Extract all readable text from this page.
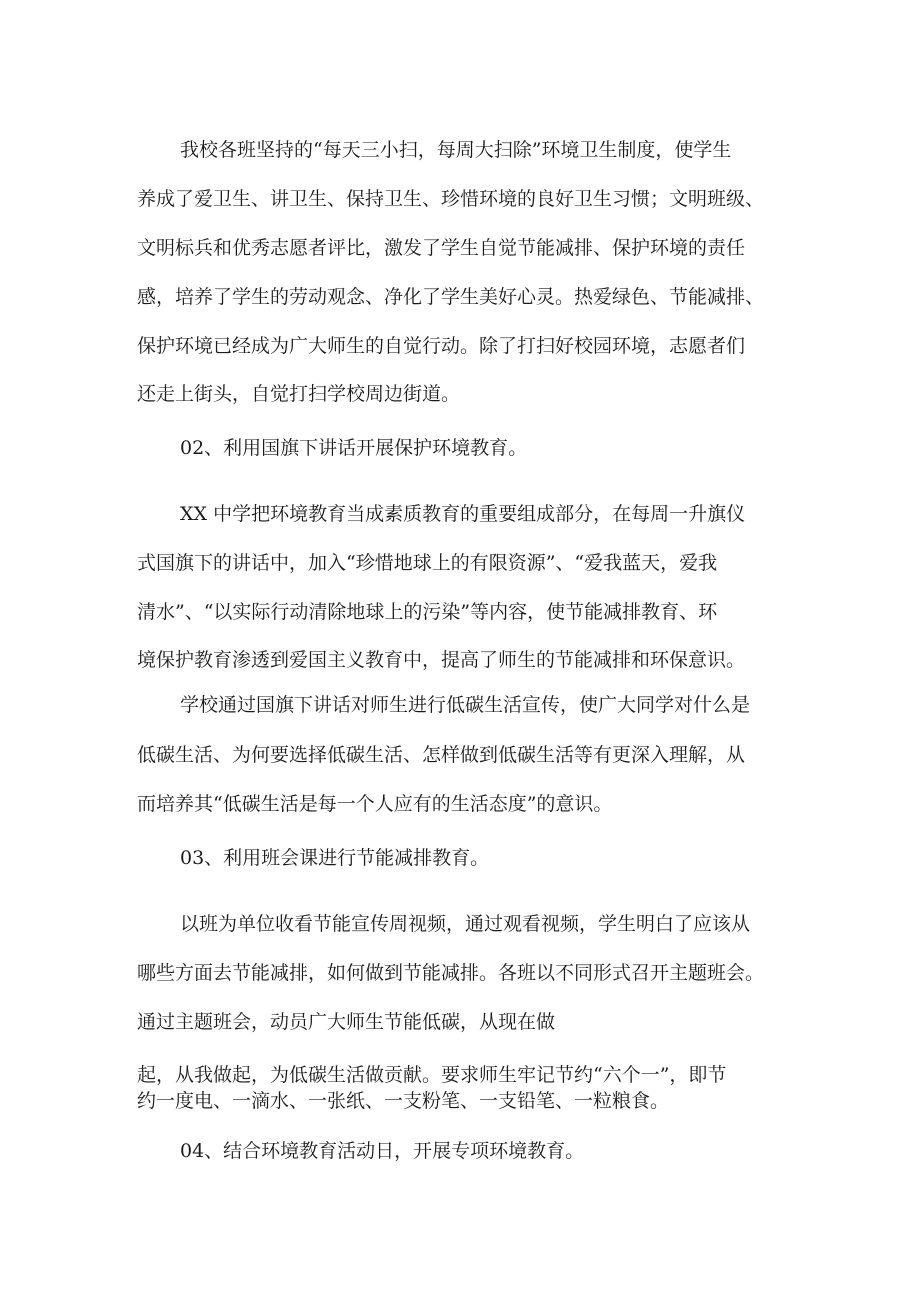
我校各班坚持的“每天三小扫，每周大扫除”环境卫生制度，使学生
养成了爱卫生、讲卫生、保持卫生、珍惜环境的良好卫生习惯；文明班级、
文明标兵和优秀志愿者评比，激发了学生自觉节能减排、保护环境的责任
感，培养了学生的劳动观念、净化了学生美好心灵。热爱绿色、节能减排、
保护环境已经成为广大师生的自觉行动。除了打扫好校园环境，志愿者们
还走上街头，自觉打扫学校周边街道。
02、利用国旗下讲话开展保护环境教育。
XX 中学把环境教育当成素质教育的重要组成部分，在每周一升旗仪
式国旗下的讲话中，加入“珍惜地球上的有限资源”、“爱我蓝天，爱我
清水”、“以实际行动清除地球上的污染”等内容，使节能减排教育、环
境保护教育渗透到爱国主义教育中，提高了师生的节能减排和环保意识。
学校通过国旗下讲话对师生进行低碳生活宣传，使广大同学对什么是
低碳生活、为何要选择低碳生活、怎样做到低碳生活等有更深入理解，从
而培养其“低碳生活是每一个人应有的生活态度”的意识。
03、利用班会课进行节能减排教育。
以班为单位收看节能宣传周视频，通过观看视频，学生明白了应该从
哪些方面去节能减排，如何做到节能减排。各班以不同形式召开主题班会。
通过主题班会，动员广大师生节能低碳，从现在做
起，从我做起，为低碳生活做贡献。要求师生牢记节约“六个一”，即节
约一度电、一滴水、一张纸、一支粉笔、一支铅笔、一粒粮食。
04、结合环境教育活动日，开展专项环境教育。
